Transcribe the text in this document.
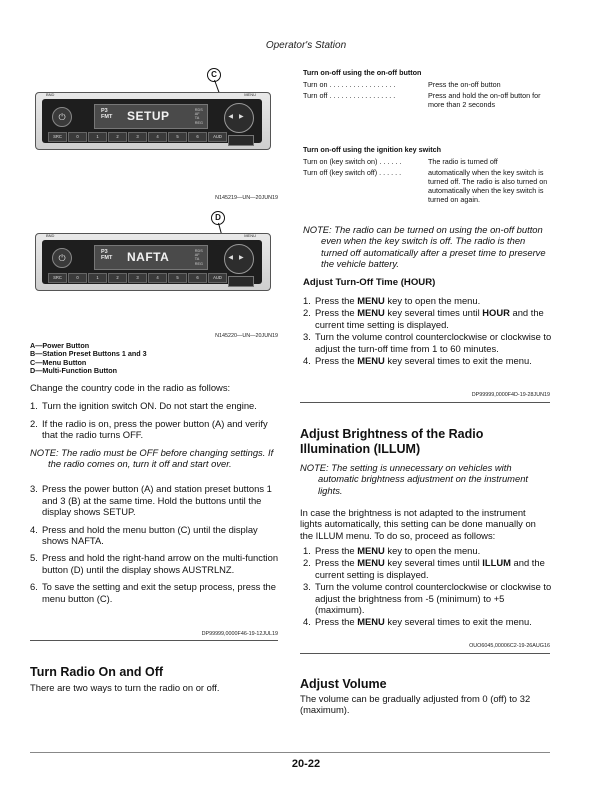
Operator's Station
C
BND	MENU
⏻
P3
FMT SETUP	RDS
AF
TA
REG
◀▶
SRC	0	1	2	3	4	5	6	AUD
N145219—UN—20JUN19
D
BND	MENU
⏻
P3
FMT NAFTA	RDS
AF
TA
REG
◀▶
SRC	0	1	2	3	4	5	6	AUD
N145220—UN—20JUN19
A—Power Button
B—Station Preset Buttons 1 and 3
C—Menu Button
D—Multi-Function Button
Change the country code in the radio as follows:
1. Turn the ignition switch ON. Do not start the engine.
2. If the radio is on, press the power button (A) and verify that the radio turns OFF.
NOTE: The radio must be OFF before changing settings. If the radio comes on, turn it off and start over.
3. Press the power button (A) and station preset buttons 1 and 3 (B) at the same time. Hold the buttons until the display shows SETUP.
4. Press and hold the menu button (C) until the display shows NAFTA.
5. Press and hold the right-hand arrow on the multi-function button (D) until the display shows AUSTRLNZ.
6. To save the setting and exit the setup process, press the menu button (C).
DP99999,0000F46-19-12JUL19
Turn Radio On and Off
There are two ways to turn the radio on or off.
Turn on-off using the on-off button
Turn on . . . . . . . . . . . . . . . . .	Press the on-off button
Turn off . . . . . . . . . . . . . . . . .	Press and hold the on-off button for more than 2 seconds
Turn on-off using the ignition key switch
Turn on (key switch on) . . . . . .	The radio is turned off
Turn off (key switch off) . . . . . .	automatically when the key switch is turned off. The radio is also turned on automatically when the key switch is turned on again.
NOTE: The radio can be turned on using the on-off button even when the key switch is off. The radio is then turned off automatically after a preset time to preserve the vehicle battery.
Adjust Turn-Off Time (HOUR)
1. Press the MENU key to open the menu.
2. Press the MENU key several times until HOUR and the current time setting is displayed.
3. Turn the volume control counterclockwise or clockwise to adjust the turn-off time from 1 to 60 minutes.
4. Press the MENU key several times to exit the menu.
DP99999,0000F4D-19-28JUN19
Adjust Brightness of the Radio Illumination (ILLUM)
NOTE: The setting is unnecessary on vehicles with automatic brightness adjustment on the instrument lights.
In case the brightness is not adapted to the instrument lights automatically, this setting can be done manually on the ILLUM menu. To do so, proceed as follows:
1. Press the MENU key to open the menu.
2. Press the MENU key several times until ILLUM and the current setting is displayed.
3. Turn the volume control counterclockwise or clockwise to adjust the brightness from -5 (minimum) to +5 (maximum).
4. Press the MENU key several times to exit the menu.
OUO6045,00006C2-19-26AUG16
Adjust Volume
The volume can be gradually adjusted from 0 (off) to 32 (maximum).
20-22
